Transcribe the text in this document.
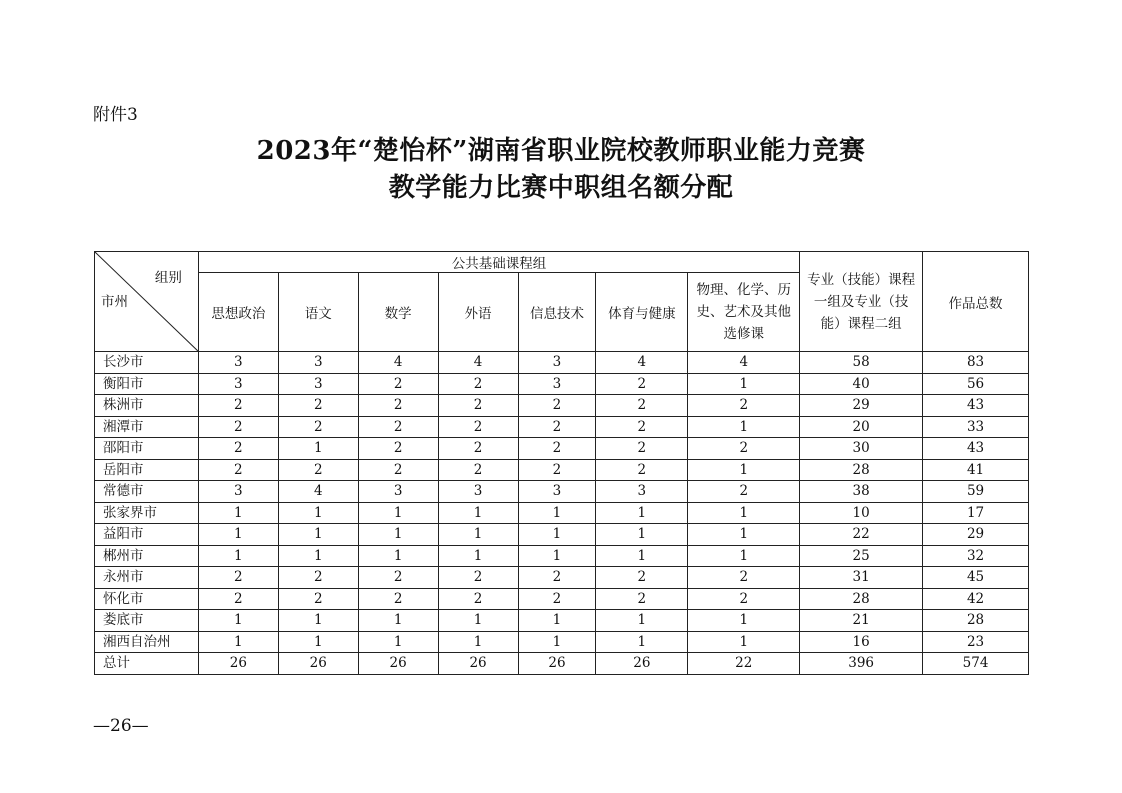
附件3
2023年“楚怡杯”湖南省职业院校教师职业能力竞赛
教学能力比赛中职组名额分配
组别
市州	公共基础课程组							专业（技能）课程一组及专业（技能）课程二组	作品总数
	思想政治	语文	数学	外语	信息技术	体育与健康	物理、化学、历史、艺术及其他选修课		
长沙市	3	3	4	4	3	4	4	58	83
衡阳市	3	3	2	2	3	2	1	40	56
株洲市	2	2	2	2	2	2	2	29	43
湘潭市	2	2	2	2	2	2	1	20	33
邵阳市	2	1	2	2	2	2	2	30	43
岳阳市	2	2	2	2	2	2	1	28	41
常德市	3	4	3	3	3	3	2	38	59
张家界市	1	1	1	1	1	1	1	10	17
益阳市	1	1	1	1	1	1	1	22	29
郴州市	1	1	1	1	1	1	1	25	32
永州市	2	2	2	2	2	2	2	31	45
怀化市	2	2	2	2	2	2	2	28	42
娄底市	1	1	1	1	1	1	1	21	28
湘西自治州	1	1	1	1	1	1	1	16	23
总计	26	26	26	26	26	26	22	396	574
—26—
